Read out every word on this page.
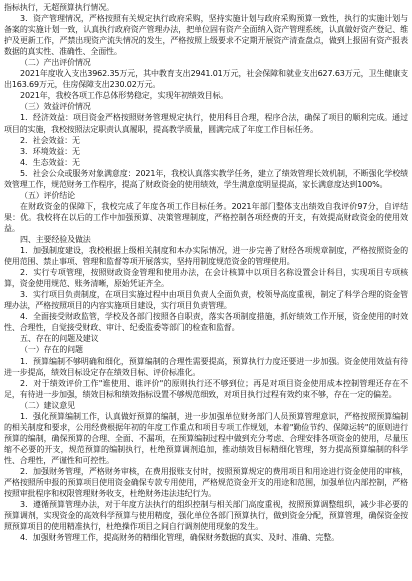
指标执行，无超预算执行情况。

3．资产管理情况，严格按照有关规定执行政府采购，坚持实施计划与政府采购预算一致性，执行的实施计划与备案的实施计划一致，认真执行政府资产管理办法，把单位固有资产全面纳入资产管理系统，认真做好资产登记、维护及更新工作，严禁出现资产流失情况的发生，严格按照上级要求不定期开展资产清查盘点，做到上报固有资产报表数据的真实性、准确性、全面性。

（二）产出评价情况

2021年度收入支出3962.35万元，其中教育支出2941.01万元，社会保障和就业支出627.63万元，卫生健康支出163.69万元，住房保障支出230.02万元。

2021年，我校各项工作总体形势稳定，实现年初绩效目标。

（三）效益评价情况

1．经济效益：项目资金严格按照财务管理规定执行，使用科目合理，程序合法，确保了项目的顺利完成。通过项目的实施，我校按照法定职责认真履职，提高教学质量，圆满完成了年度工作目标任务。

2．社会效益：无

3．环境效益：无

4．生态效益：无

5．社会公众或服务对象满意度：2021年，我校认真落实教学任务，建立了绩效管理长效机制，不断强化学校绩效管理工作，规范财务工作程序，提高了财政资金的使用绩效，学生满意度明显提高，家长满意度达到100%。

（五）评价结论

在财政资金的保障下，我校完成了年度各项工作目标任务。2021年部门整体支出绩效自我评价97分，自评结果：优。我校将在以后的工作中加强预算、决策管理制度，严格控制各项经费的开支，有效提高财政资金的使用效益。

四、主要经验及做法

1．加强制度建设，我校根据上级相关制度和本办实际情况，进一步完善了财经各项规章制度，严格按照资金的使用范围、禁止事项、管理和监督等项开展落实，坚持用制度规范资金的管理使用。

2．实行专项管理，按照财政资金管理和使用办法，在会计核算中以项目名称设置会计科目，实现项目专项核算，资金使用规范、账务清晰，原始凭证齐全。

3．实行项目负责制度，在项目实施过程中由项目负责人全面负责，校领导高度重视，制定了科学合理的资金管理办法，严格按照项目的内容实施项目建设，实行项目负责管理。

4．全面接受财政监管，学校及各部门按照各自职责，落实各项制度措施，抓好绩效工作开展，资金使用的时效性、合理性，自觉接受财政、审计、纪委监委等部门的检查和监督。

五、存在的问题及建议

（一）存在的问题

1．预算编制不够明确和细化，预算编制的合理性需要提高，预算执行力度还要进一步加强。资金使用效益有待进一步提高，绩效目标设定存在绩效目标、评价标准化。

2．对于绩效评价工作"谁使用、谁评价"的原则执行还不够到位；再是对项目资金使用成本控制管理还存在不足，有待进一步加强，绩效目标和绩效指标设置不够规范细致，对项目执行过程有效约束不够，存在一定的偏差。

（二）建议意见

1．强化预算编制工作，认真做好预算的编制，进一步加强单位财务部门人员预算管理意识，严格按照预算编制的相关制度和要求，公用经费根据年初的年度工作重点和项目专项工作规划，本着"勤俭节约、保障运转"的原则进行预算的编制，确保预算的合理、全面、不漏项，在预算编制过程中做到充分考虑、合理安排各项资金的使用，尽量压缩不必要的开支，规范预算的编制执行，杜绝预算调剂追加，推动绩效目标精细化管理，努力提高预算编制的科学性、合理性，严谨性和可控性。

2．加强财务管理，严格财务审核，在费用报账支付时，按照预算规定的费用项目和用途进行资金使用的审核，严格按照所申报的预算项目使用资金确保专款专用使用，严格规范资金开支的用途和范围，加强单位内部控制，严格按照审批程序和权限管理财务收支，杜绝财务违法违纪行为。

3．遵循预算管理办法，对于年度方法执行的组织控制与相关部门高度重视，按照预算调整组织，减少非必要的预算调剂，实现资金的高效科学预算与使用精度，强化单位各部门预算执行，做到资金分配，预算管理，确保资金按照预算项目的使用精准执行，杜绝操作项目之间自行调剂使用现象的发生。

4．加强财务管理工作，提高财务的精细化管理，确保财务数据的真实、及时、准确、完整。
